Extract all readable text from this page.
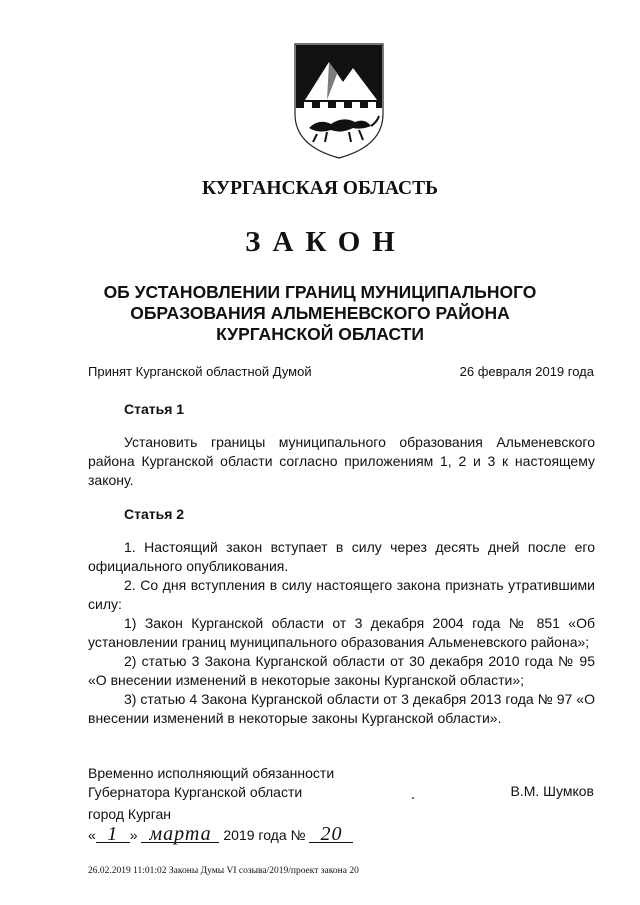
КУРГАНСКАЯ ОБЛАСТЬ
ЗАКОН
ОБ УСТАНОВЛЕНИИ ГРАНИЦ МУНИЦИПАЛЬНОГО
ОБРАЗОВАНИЯ АЛЬМЕНЕВСКОГО РАЙОНА
КУРГАНСКОЙ ОБЛАСТИ
Принят Курганской областной Думой	26 февраля 2019 года
Статья 1
Установить границы муниципального образования Альменевского района Курганской области согласно приложениям 1, 2 и 3 к настоящему закону.
Статья 2

1. Настоящий закон вступает в силу через десять дней после его официального опубликования.

2. Со дня вступления в силу настоящего закона признать утратившими силу:

1) Закон Курганской области от 3 декабря 2004 года № 851 «Об установлении границ муниципального образования Альменевского района»;

2) статью 3 Закона Курганской области от 30 декабря 2010 года № 95 «О внесении изменений в некоторые законы Курганской области»;

3) статью 4 Закона Курганской области от 3 декабря 2013 года № 97 «О внесении изменений в некоторые законы Курганской области».

Временно исполняющий обязанности
Губернатора Курганской области	В.М. Шумков
город Курган
« 1 » марта 2019 года № 20
26.02.2019 11:01:02 Законы Думы VI созыва/2019/проект закона 20
